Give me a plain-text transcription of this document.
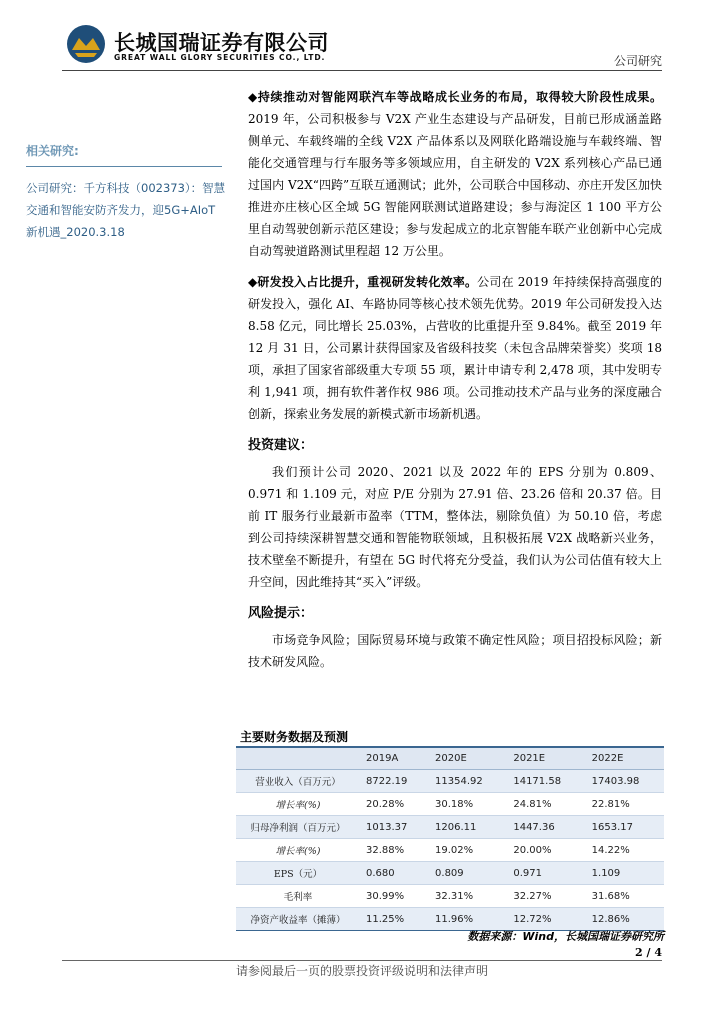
长城国瑞证券有限公司
GREAT WALL GLORY SECURITIES CO., LTD.	公司研究
相关研究:
公司研究：千方科技（002373）：智慧交通和智能安防齐发力，迎5G+AIoT新机遇_2020.3.18

◆持续推动对智能网联汽车等战略成长业务的布局，取得较大阶段性成果。2019 年，公司积极参与 V2X 产业生态建设与产品研发，目前已形成涵盖路侧单元、车载终端的全线 V2X 产品体系以及网联化路端设施与车载终端、智能化交通管理与行车服务等多领域应用，自主研发的 V2X 系列核心产品已通过国内 V2X“四跨”互联互通测试；此外，公司联合中国移动、亦庄开发区加快推进亦庄核心区全域 5G 智能网联测试道路建设；参与海淀区 1 100 平方公里自动驾驶创新示范区建设；参与发起成立的北京智能车联产业创新中心完成自动驾驶道路测试里程超 12 万公里。

◆研发投入占比提升，重视研发转化效率。公司在 2019 年持续保持高强度的研发投入，强化 AI、车路协同等核心技术领先优势。2019 年公司研发投入达 8.58 亿元，同比增长 25.03%，占营收的比重提升至 9.84%。截至 2019 年 12 月 31 日，公司累计获得国家及省级科技奖（未包含品牌荣誉奖）奖项 18 项，承担了国家省部级重大专项 55 项，累计申请专利 2,478 项，其中发明专利 1,941 项，拥有软件著作权 986 项。公司推动技术产品与业务的深度融合创新，探索业务发展的新模式新市场新机遇。

投资建议：

我们预计公司 2020、2021 以及 2022 年的 EPS 分别为 0.809、0.971 和 1.109 元，对应 P/E 分别为 27.91 倍、23.26 倍和 20.37 倍。目前 IT 服务行业最新市盈率（TTM，整体法，剔除负值）为 50.10 倍，考虑到公司持续深耕智慧交通和智能物联领域，且积极拓展 V2X 战略新兴业务，技术壁垒不断提升，有望在 5G 时代将充分受益，我们认为公司估值有较大上升空间，因此维持其“买入”评级。

风险提示：

市场竞争风险；国际贸易环境与政策不确定性风险；项目招投标风险；新技术研发风险。

主要财务数据及预测
	2019A	2020E	2021E	2022E
营业收入（百万元）	8722.19	11354.92	14171.58	17403.98
增长率(%)	20.28%	30.18%	24.81%	22.81%
归母净利润（百万元）	1013.37	1206.11	1447.36	1653.17
增长率(%)	32.88%	19.02%	20.00%	14.22%
EPS（元）	0.680	0.809	0.971	1.109
毛利率	30.99%	32.31%	32.27%	31.68%
净资产收益率（摊薄）	11.25%	11.96%	12.72%	12.86%
数据来源：Wind，长城国瑞证券研究所
2 / 4
请参阅最后一页的股票投资评级说明和法律声明
